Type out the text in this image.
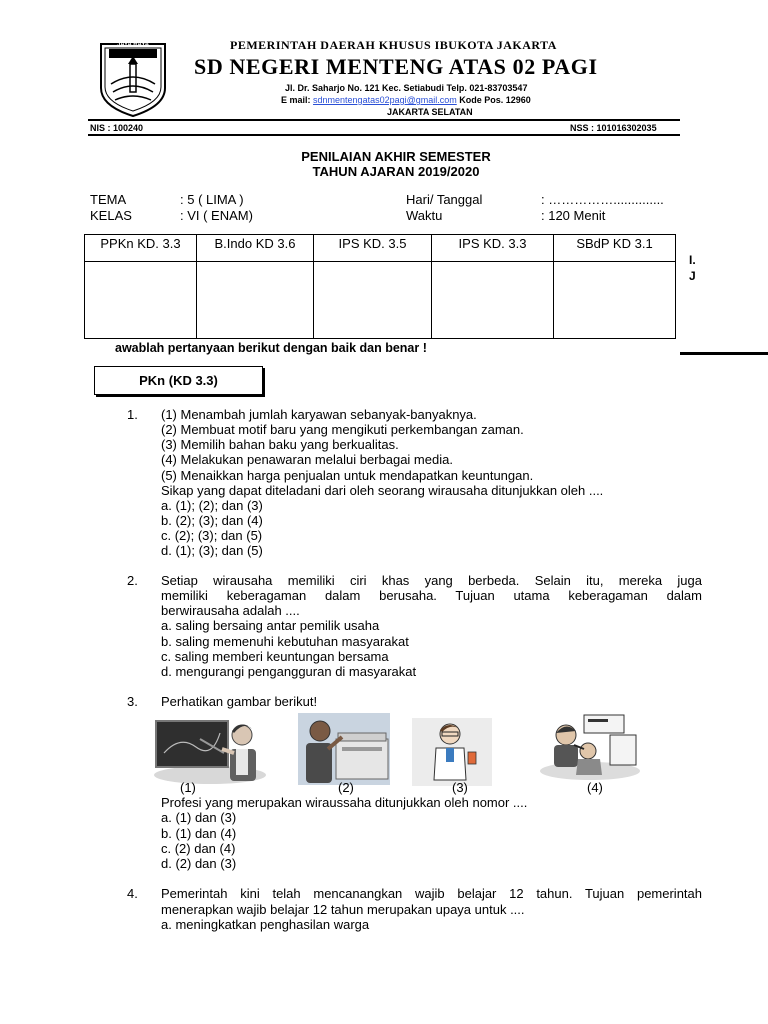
JAYA RAYA	PEMERINTAH DAERAH KHUSUS IBUKOTA JAKARTA
SD NEGERI MENTENG ATAS 02 PAGI
Jl. Dr. Saharjo No. 121 Kec. Setiabudi Telp. 021-83703547
E mail: sdnmentengatas02pagi@gmail.com Kode Pos. 12960
JAKARTA SELATAN
NIS : 100240	NSS : 101016302035
PENILAIAN AKHIR SEMESTER
TAHUN AJARAN 2019/2020
TEMA	: 5 ( LIMA )
KELAS	: VI ( ENAM)
Hari/ Tanggal	: ……………..............
Waktu	: 120 Menit
PPKn KD. 3.3	B.Indo KD 3.6	IPS KD. 3.5	IPS KD. 3.3	SBdP KD 3.1

I.
J
awablah pertanyaan berikut dengan baik dan benar !
PKn (KD 3.3)
1. (1) Menambah jumlah karyawan sebanyak-banyaknya.
(2) Membuat motif baru yang mengikuti perkembangan zaman.
(3) Memilih bahan baku yang berkualitas.
(4) Melakukan penawaran melalui berbagai media.
(5) Menaikkan harga penjualan untuk mendapatkan keuntungan.
Sikap yang dapat diteladani dari oleh seorang wirausaha ditunjukkan oleh ....
a. (1); (2); dan (3)
b. (2); (3); dan (4)
c. (2); (3); dan (5)
d. (1); (3); dan (5)
2. Setiap wirausaha memiliki ciri khas yang berbeda. Selain itu, mereka juga
memiliki keberagaman dalam berusaha. Tujuan utama keberagaman dalam
berwirausaha adalah ....
a. saling bersaing antar pemilik usaha
b. saling memenuhi kebutuhan masyarakat
c. saling memberi keuntungan bersama
d. mengurangi pengangguran di masyarakat
3. Perhatikan gambar berikut!
(1)	(2)	(3)	(4)
Profesi yang merupakan wiraussaha ditunjukkan oleh nomor ....
a. (1) dan (3)
b. (1) dan (4)
c. (2) dan (4)
d. (2) dan (3)
4. Pemerintah kini telah mencanangkan wajib belajar 12 tahun. Tujuan pemerintah
menerapkan wajib belajar 12 tahun merupakan upaya untuk ....
a. meningkatkan penghasilan warga
